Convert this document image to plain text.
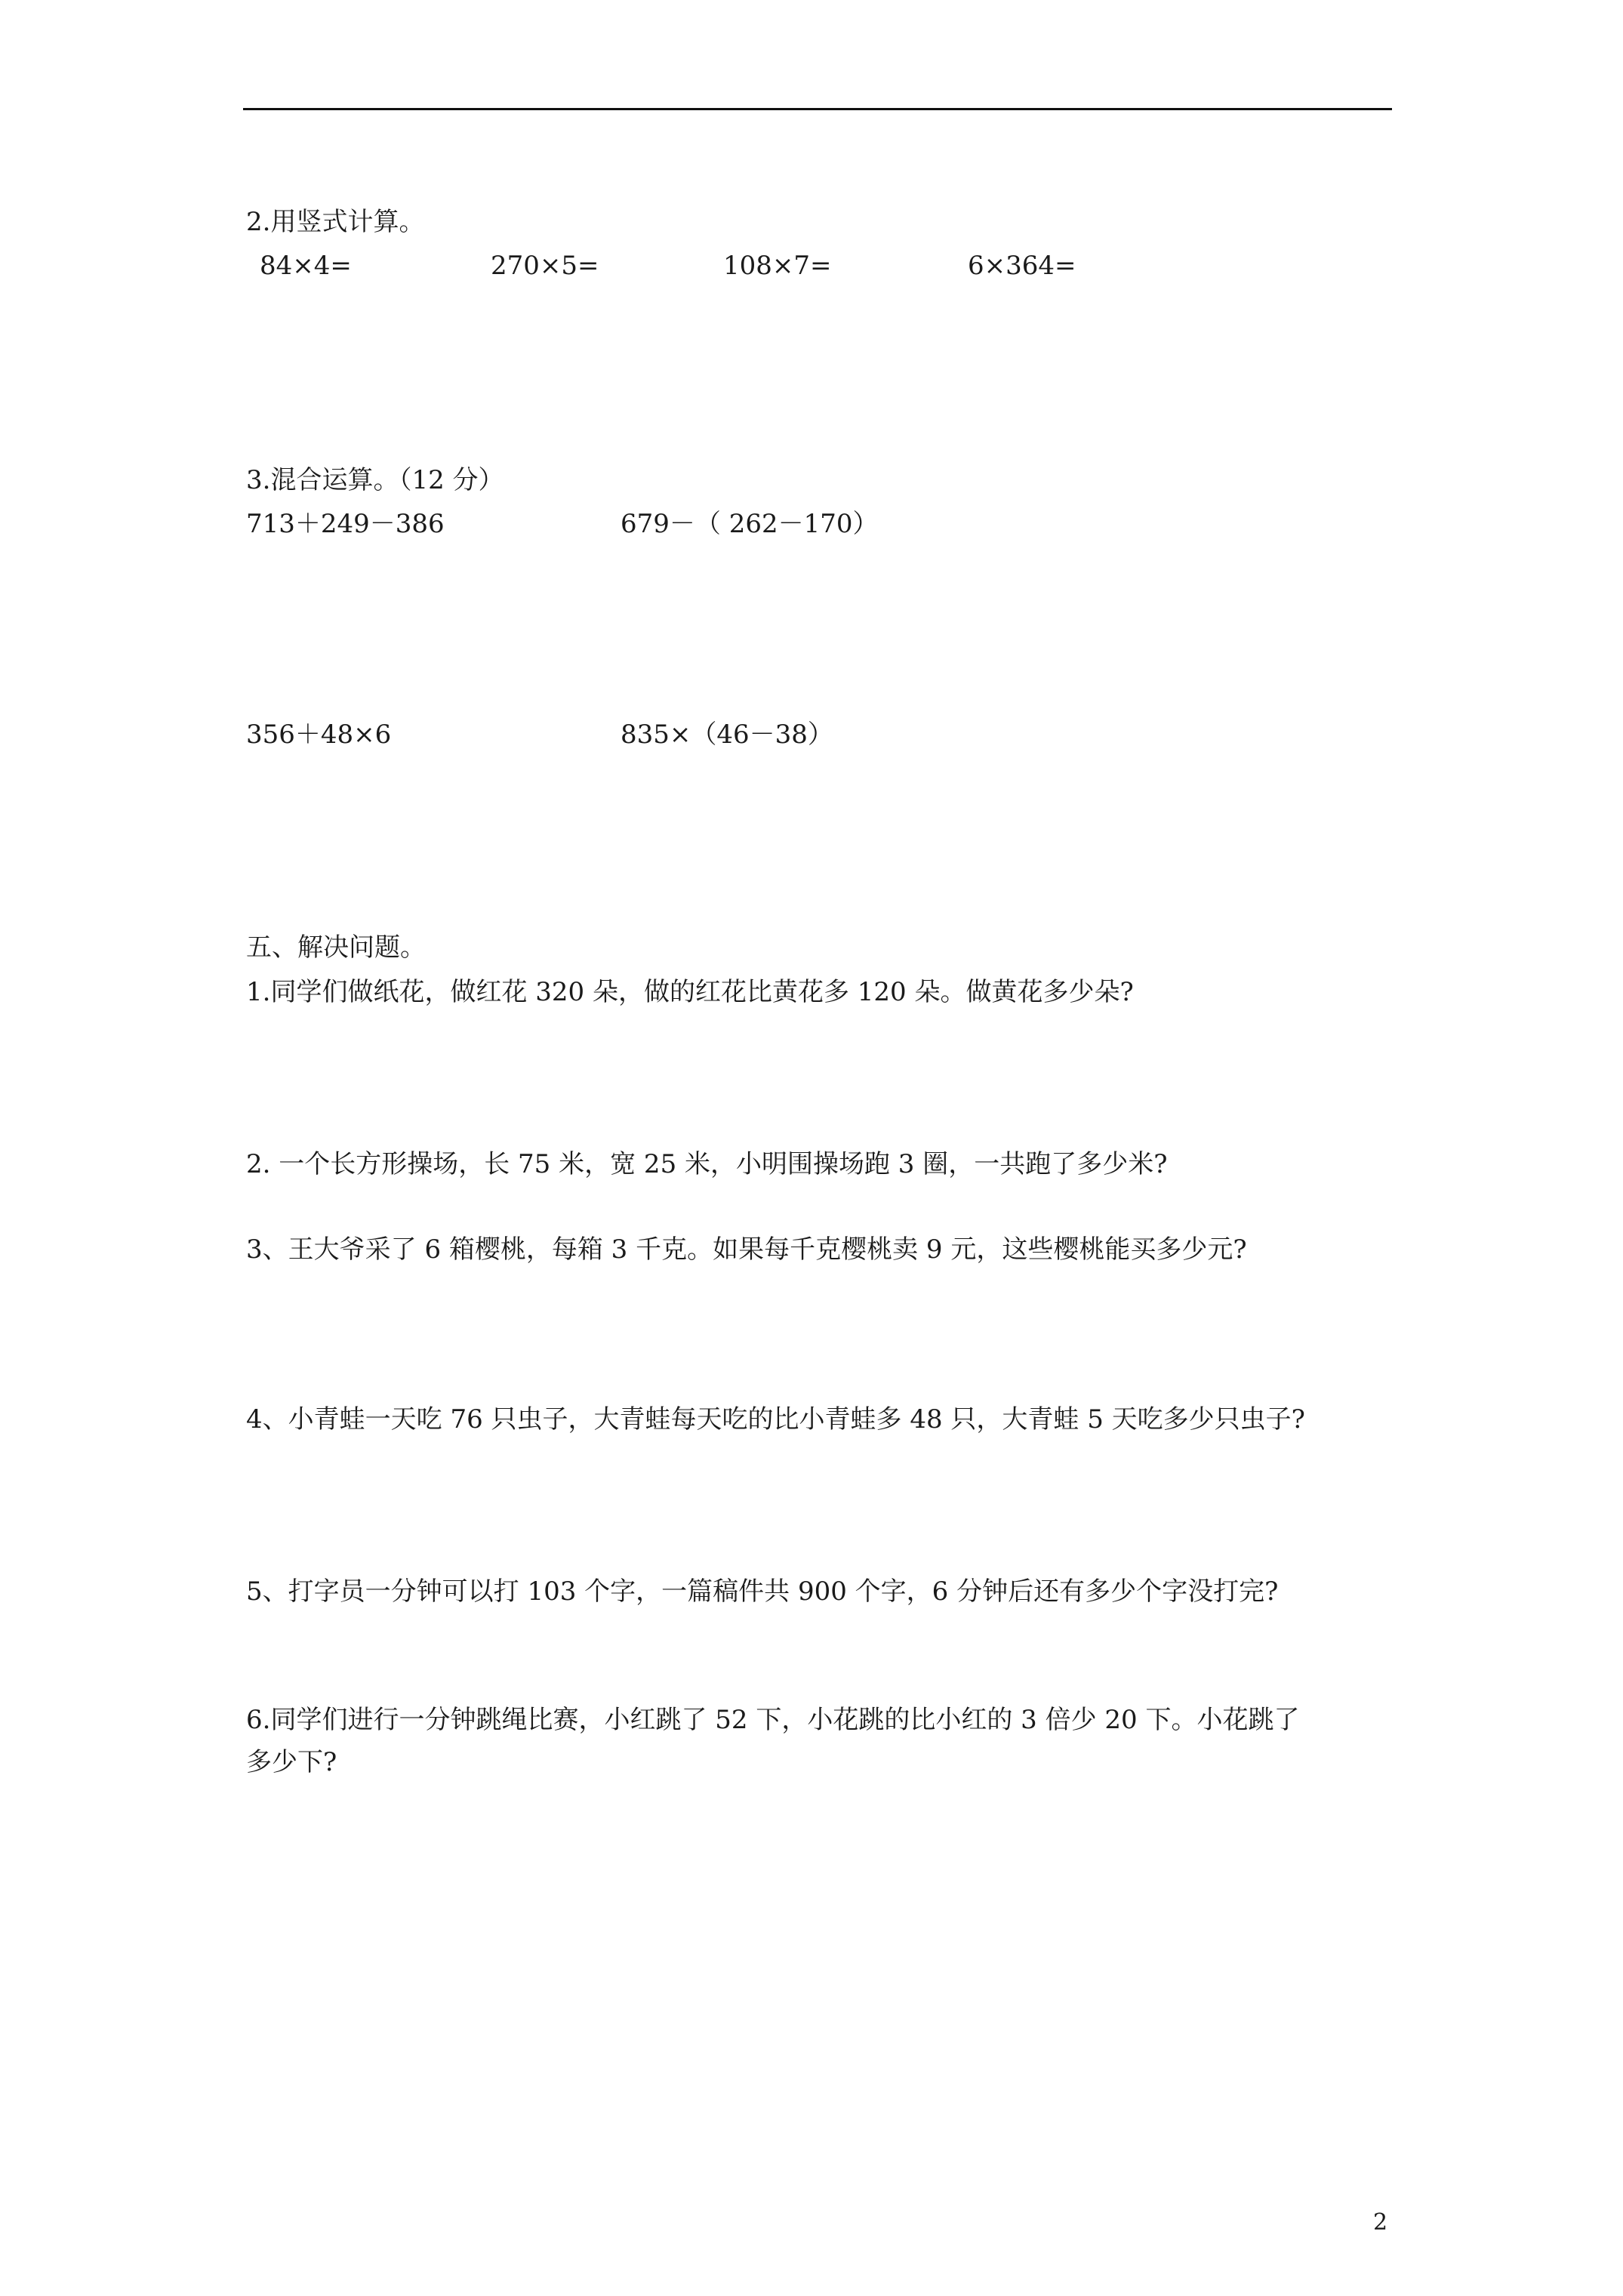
2.用竖式计算。
84×4=	270×5=	108×7=	6×364=
3.混合运算。（12 分）
713＋249－386	679－（ 262－170）
356＋48×6	835×（46－38）
五、解决问题。
1.同学们做纸花，做红花 320 朵，做的红花比黄花多 120 朵。做黄花多少朵?
2. 一个长方形操场，长 75 米，宽 25 米，小明围操场跑 3 圈，一共跑了多少米?
3、王大爷采了 6 箱樱桃，每箱 3 千克。如果每千克樱桃卖 9 元，这些樱桃能买多少元?
4、小青蛙一天吃 76 只虫子，大青蛙每天吃的比小青蛙多 48 只，大青蛙 5 天吃多少只虫子?
5、打字员一分钟可以打 103 个字，一篇稿件共 900 个字，6 分钟后还有多少个字没打完?
6.同学们进行一分钟跳绳比赛，小红跳了 52 下，小花跳的比小红的 3 倍少 20 下。小花跳了
多少下?
2
